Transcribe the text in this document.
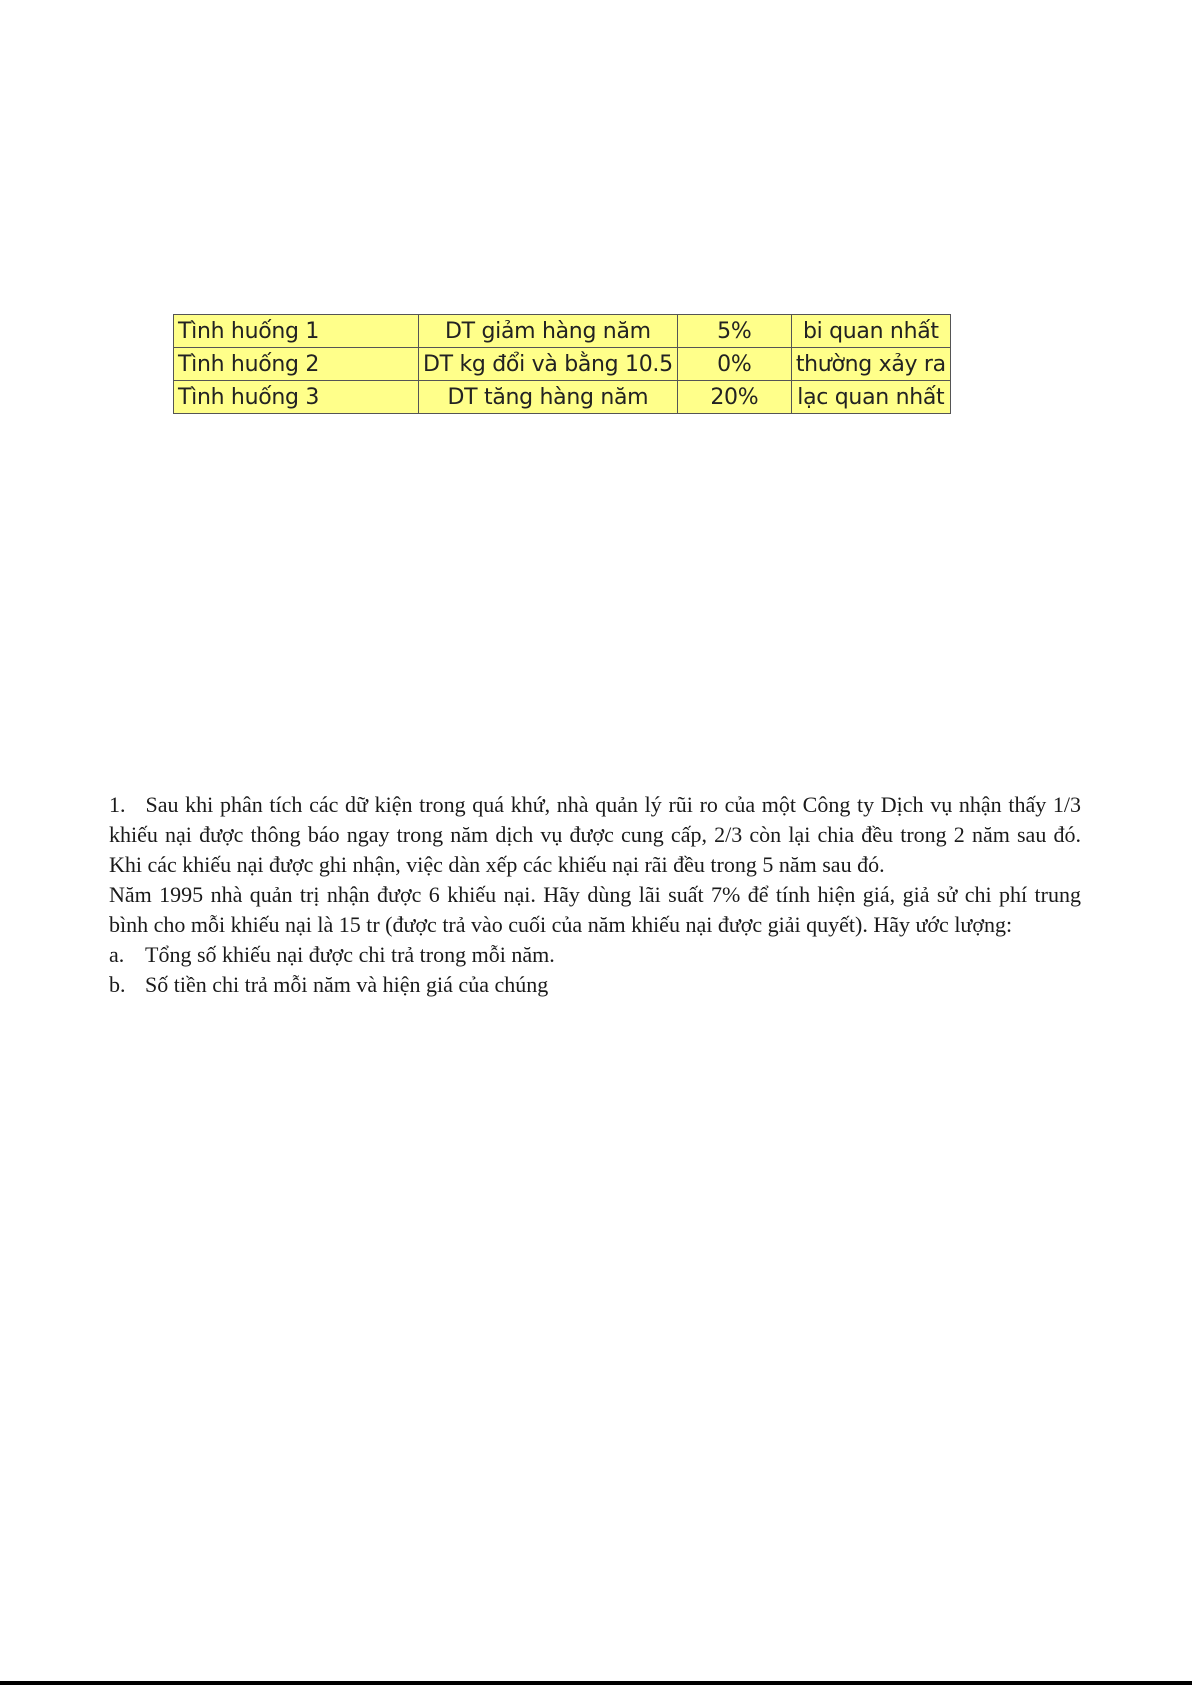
Tình huống 1	DT giảm hàng năm	5%	bi quan nhất
Tình huống 2	DT kg đổi và bằng 10.5	0%	thường xảy ra
Tình huống 3	DT tăng hàng năm	20%	lạc quan nhất

1. Sau khi phân tích các dữ kiện trong quá khứ, nhà quản lý rũi ro của một Công ty Dịch vụ nhận thấy 1/3 khiếu nại được thông báo ngay trong năm dịch vụ được cung cấp, 2/3 còn lại chia đều trong 2 năm sau đó. Khi các khiếu nại được ghi nhận, việc dàn xếp các khiếu nại rãi đều trong 5 năm sau đó.

Năm 1995 nhà quản trị nhận được 6 khiếu nại. Hãy dùng lãi suất 7% để tính hiện giá, giả sử chi phí trung bình cho mỗi khiếu nại là 15 tr (được trả vào cuối của năm khiếu nại được giải quyết). Hãy ước lượng:

a. Tổng số khiếu nại được chi trả trong mỗi năm.
b. Số tiền chi trả mỗi năm và hiện giá của chúng
